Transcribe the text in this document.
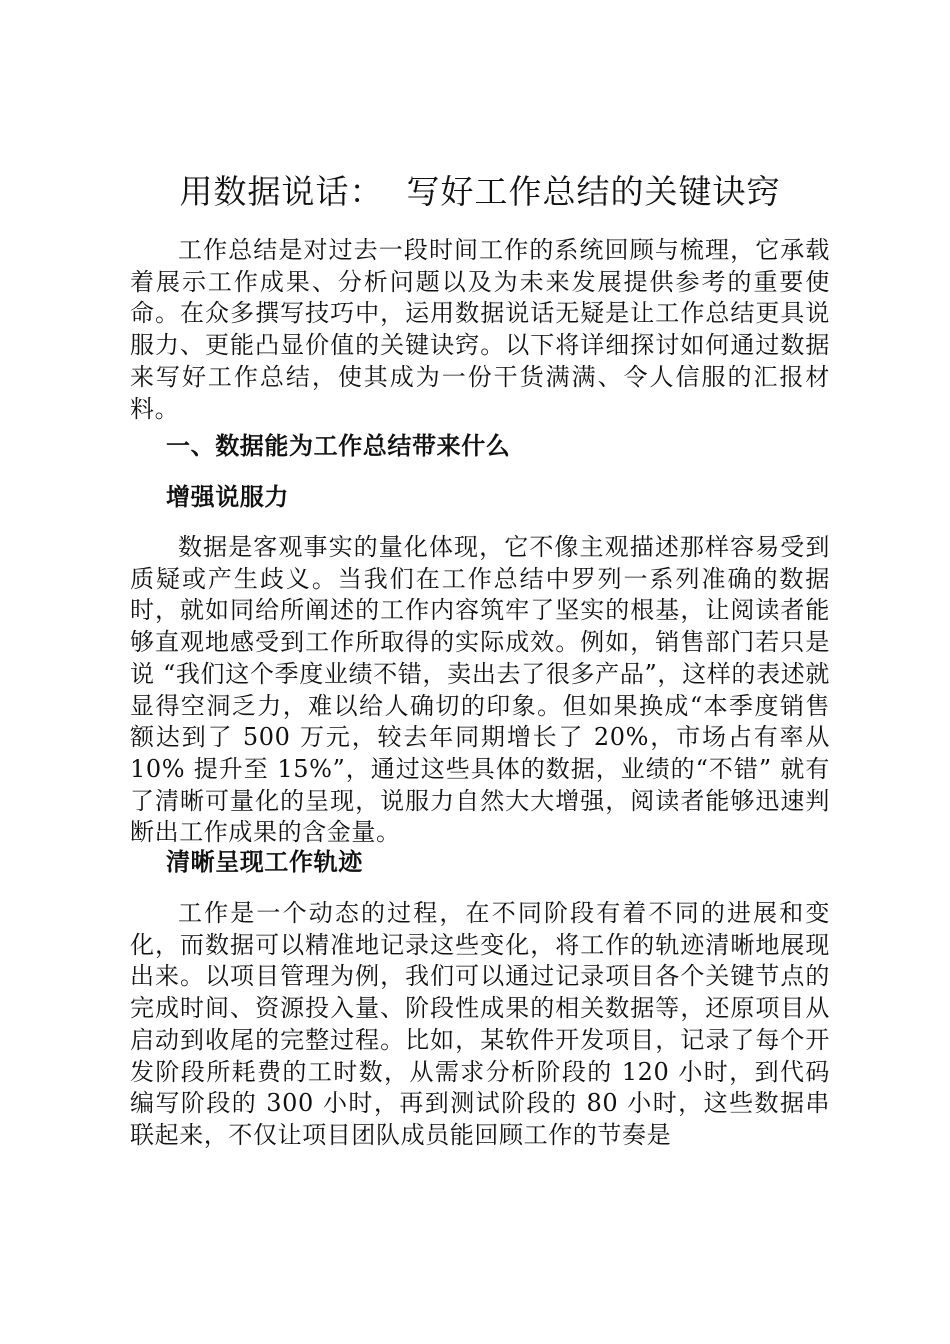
用数据说话：  写好工作总结的关键诀窍

工作总结是对过去一段时间工作的系统回顾与梳理，它承载着展示工作成果、分析问题以及为未来发展提供参考的重要使命。在众多撰写技巧中，运用数据说话无疑是让工作总结更具说服力、更能凸显价值的关键诀窍。以下将详细探讨如何通过数据来写好工作总结，使其成为一份干货满满、令人信服的汇报材料。

一、数据能为工作总结带来什么
增强说服力

数据是客观事实的量化体现，它不像主观描述那样容易受到质疑或产生歧义。当我们在工作总结中罗列一系列准确的数据时，就如同给所阐述的工作内容筑牢了坚实的根基，让阅读者能够直观地感受到工作所取得的实际成效。例如，销售部门若只是说 “我们这个季度业绩不错，卖出去了很多产品”，这样的表述就显得空洞乏力，难以给人确切的印象。但如果换成“本季度销售额达到了 500 万元，较去年同期增长了 20%，市场占有率从 10% 提升至 15%”，通过这些具体的数据，业绩的“不错” 就有了清晰可量化的呈现，说服力自然大大增强，阅读者能够迅速判断出工作成果的含金量。

清晰呈现工作轨迹

工作是一个动态的过程，在不同阶段有着不同的进展和变化，而数据可以精准地记录这些变化，将工作的轨迹清晰地展现出来。以项目管理为例，我们可以通过记录项目各个关键节点的完成时间、资源投入量、阶段性成果的相关数据等，还原项目从启动到收尾的完整过程。比如，某软件开发项目，记录了每个开发阶段所耗费的工时数，从需求分析阶段的 120 小时，到代码编写阶段的 300 小时，再到测试阶段的 80 小时，这些数据串联起来，不仅让项目团队成员能回顾工作的节奏是
